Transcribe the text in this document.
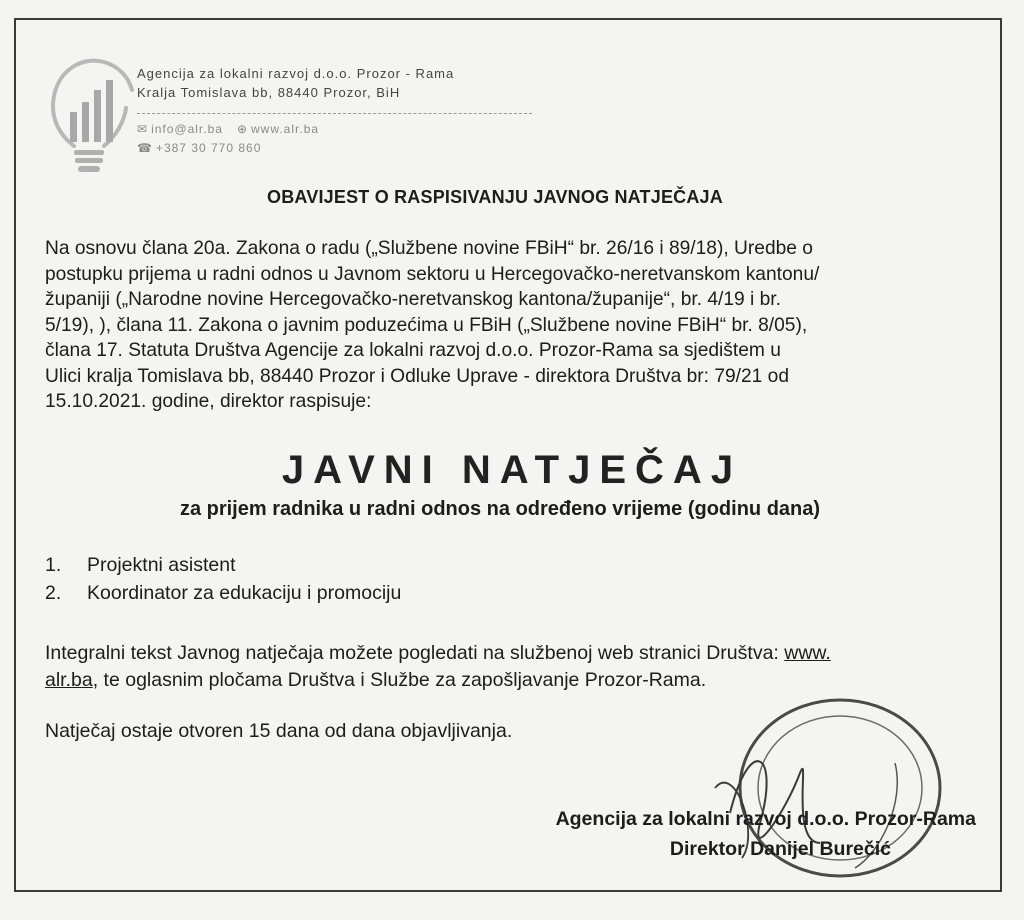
Agencija za lokalni razvoj d.o.o. Prozor - Rama
Kralja Tomislava bb, 88440 Prozor, BiH
✉ info@alr.ba ⊕ www.alr.ba
☎ +387 30 770 860
OBAVIJEST O RASPISIVANJU JAVNOG NATJEČAJA
Na osnovu člana 20a. Zakona o radu („Službene novine FBiH“ br. 26/16 i 89/18), Uredbe o
postupku prijema u radni odnos u Javnom sektoru u Hercegovačko-neretvanskom kantonu/
županiji („Narodne novine Hercegovačko-neretvanskog kantona/županije“, br. 4/19 i br.
5/19), ), člana 11. Zakona o javnim poduzećima u FBiH („Službene novine FBiH“ br. 8/05),
člana 17. Statuta Društva Agencije za lokalni razvoj d.o.o. Prozor-Rama sa sjedištem u
Ulici kralja Tomislava bb, 88440 Prozor i Odluke Uprave - direktora Društva br: 79/21 od
15.10.2021. godine, direktor raspisuje:
JAVNI NATJEČAJ
za prijem radnika u radni odnos na određeno vrijeme (godinu dana)
1.	Projektni asistent
2.	Koordinator za edukaciju i promociju
Integralni tekst Javnog natječaja možete pogledati na službenoj web stranici Društva: www.
alr.ba, te oglasnim pločama Društva i Službe za zapošljavanje Prozor-Rama.
Natječaj ostaje otvoren 15 dana od dana objavljivanja.
Agencija za lokalni razvoj d.o.o. Prozor-Rama
Direktor Danijel Burečić
